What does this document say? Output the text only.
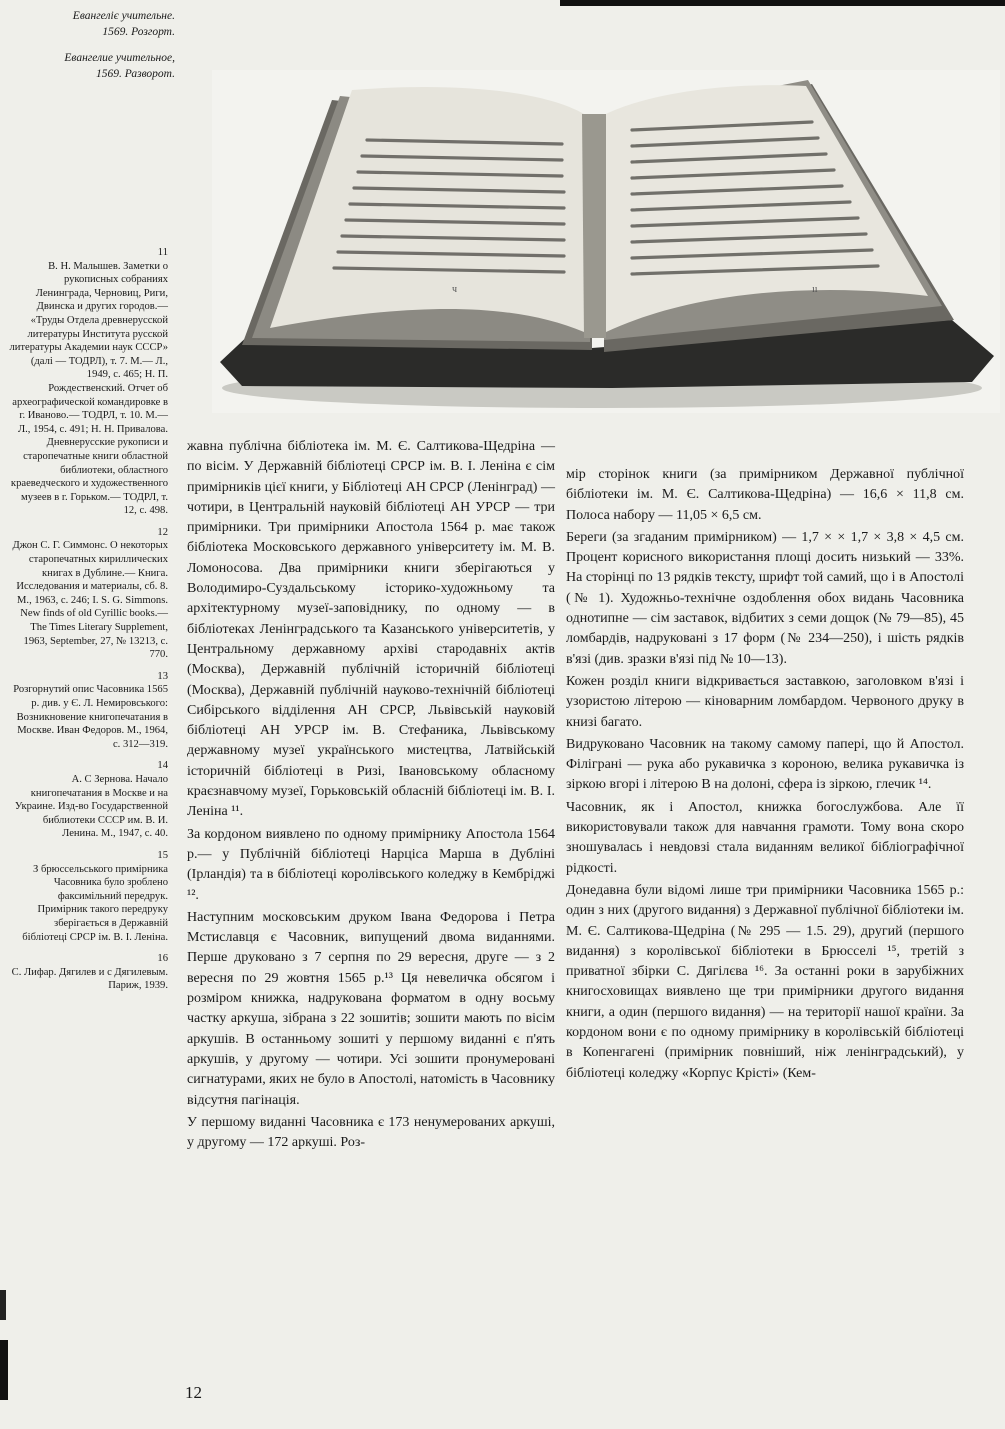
Евангеліє учительне.
1569. Розгорт.
Евангелие учительное,
1569. Разворот.
ч	ıı
11
В. Н. Малышев. Заметки о рукописных собраниях Ленинграда, Черновиц, Риги, Двинска и других городов.— «Труды Отдела древнерусской литературы Института русской литературы Академии наук СССР» (далі — ТОДРЛ), т. 7. М.— Л., 1949, с. 465; Н. П. Рождественский. Отчет об археографической командировке в г. Иваново.— ТОДРЛ, т. 10. М.— Л., 1954, с. 491; Н. Н. Привалова. Дневнерусские рукописи и старопечатные книги областной библиотеки, областного краеведческого и художественного музеев в г. Горьком.— ТОДРЛ, т. 12, с. 498.
12
Джон С. Г. Симмонс. О некоторых старопечатных кириллических книгах в Дублине.— Книга. Исследования и материалы, сб. 8. М., 1963, с. 246; I. S. G. Simmons. New finds of old Cyrillic books.— The Times Literary Supplement, 1963, September, 27, № 13213, с. 770.
13
Розгорнутий опис Часовника 1565 р. див. у Є. Л. Немировського: Возникновение книгопечатания в Москве. Иван Федоров. М., 1964, с. 312—319.
14
А. С Зернова. Начало книгопечатания в Москве и на Украине. Изд-во Государственной библиотеки СССР им. В. И. Ленина. М., 1947, с. 40.
15
З брюссельського примірника Часовника було зроблено факсимільний передрук. Примірник такого передруку зберігається в Державній бібліотеці СРСР ім. В. І. Леніна.
16
С. Лифар. Дягилев и с Дягилевым. Париж, 1939.

жавна публічна бібліотека ім. М. Є. Салтикова-Щедріна — по вісім. У Державній бібліотеці СРСР ім. В. І. Леніна є сім примірників цієї книги, у Бібліотеці АН СРСР (Ленінград) — чотири, в Центральній науковій бібліотеці АН УРСР — три примірники. Три примірники Апостола 1564 р. має також бібліотека Московського державного університету ім. М. В. Ломоносова. Два примірники книги зберігаються у Володимиро-Суздальському історико-художньому та архітектурному музеї-заповіднику, по одному — в бібліотеках Ленінградського та Казанського університетів, у Центральному державному архіві стародавніх актів (Москва), Державній публічній історичній бібліотеці (Москва), Державній публічній науково-технічній бібліотеці Сибірського відділення АН СРСР, Львівській науковій бібліотеці АН УРСР ім. В. Стефаника, Львівському державному музеї українського мистецтва, Латвійській історичній бібліотеці в Ризі, Івановському обласному краєзнавчому музеї, Горьковській обласній бібліотеці ім. В. І. Леніна ¹¹.

За кордоном виявлено по одному примірнику Апостола 1564 р.— у Публічній бібліотеці Нарціса Марша в Дубліні (Ірландія) та в бібліотеці королівського коледжу в Кембріджі ¹².

Наступним московським друком Івана Федорова і Петра Мстиславця є Часовник, випущений двома виданнями. Перше друковано з 7 серпня по 29 вересня, друге — з 2 вересня по 29 жовтня 1565 р.¹³ Ця невеличка обсягом і розміром книжка, надрукована форматом в одну восьму частку аркуша, зібрана з 22 зошитів; зошити мають по вісім аркушів. В останньому зошиті у першому виданні є п'ять аркушів, у другому — чотири. Усі зошити пронумеровані сигнатурами, яких не було в Апостолі, натомість в Часовнику відсутня пагінація.

У першому виданні Часовника є 173 ненумерованих аркуші, у другому — 172 аркуші. Роз-

мір сторінок книги (за примірником Державної публічної бібліотеки ім. М. Є. Салтикова-Щедріна) — 16,6 × 11,8 см. Полоса набору — 11,05 × 6,5 см.

Береги (за згаданим примірником) — 1,7 × × 1,7 × 3,8 × 4,5 см. Процент корисного використання площі досить низький — 33%. На сторінці по 13 рядків тексту, шрифт той самий, що і в Апостолі (№ 1). Художньо-технічне оздоблення обох видань Часовника однотипне — сім заставок, відбитих з семи дощок (№ 79—85), 45 ломбардів, надруковані з 17 форм (№ 234—250), і шість рядків в'язі (див. зразки в'язі під № 10—13).

Кожен розділ книги відкривається заставкою, заголовком в'язі і узористою літерою — кіноварним ломбардом. Червоного друку в книзі багато.

Видруковано Часовник на такому самому папері, що й Апостол. Філіграні — рука або рукавичка з короною, велика рукавичка із зіркою вгорі і літерою В на долоні, сфера із зіркою, глечик ¹⁴.

Часовник, як і Апостол, книжка богослужбова. Але її використовували також для навчання грамоти. Тому вона скоро зношувалась і невдовзі стала виданням великої бібліографічної рідкості.

Донедавна були відомі лише три примірники Часовника 1565 р.: один з них (другого видання) з Державної публічної бібліотеки ім. М. Є. Салтикова-Щедріна (№ 295 — 1.5. 29), другий (першого видання) з королівської бібліотеки в Брюсселі ¹⁵, третій з приватної збірки С. Дягілєва ¹⁶. За останні роки в зарубіжних книгосховищах виявлено ще три примірники другого видання книги, а один (першого видання) — на території нашої країни. За кордоном вони є по одному примірнику в королівській бібліотеці в Копенгагені (примірник повніший, ніж ленінградський), у бібліотеці коледжу «Корпус Крісті» (Кем-

12
